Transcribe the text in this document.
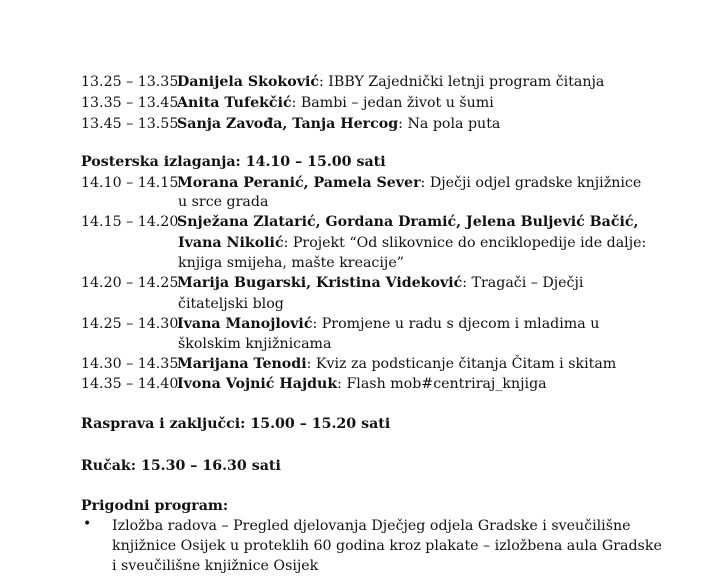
13.25 – 13.35Danijela Skoković: IBBY Zajednički letnji program čitanja
13.35 – 13.45Anita Tufekčić: Bambi – jedan život u šumi
13.45 – 13.55Sanja Zavođa, Tanja Hercog: Na pola puta
Posterska izlaganja: 14.10 – 15.00 sati
14.10 – 14.15Morana Peranić, Pamela Sever: Dječji odjel gradske knjižnice
u srce grada
14.15 – 14.20Snježana Zlatarić, Gordana Dramić, Jelena Buljević Bačić,
Ivana Nikolić: Projekt “Od slikovnice do enciklopedije ide dalje:
knjiga smijeha, mašte kreacije”
14.20 – 14.25Marija Bugarski, Kristina Videković: Tragači – Dječji
čitateljski blog
14.25 – 14.30Ivana Manojlović: Promjene u radu s djecom i mladima u
školskim knjižnicama
14.30 – 14.35Marijana Tenodi: Kviz za podsticanje čitanja Čitam i skitam
14.35 – 14.40Ivona Vojnić Hajduk: Flash mob#centriraj_knjiga
Rasprava i zaključci: 15.00 – 15.20 sati
Ručak: 15.30 – 16.30 sati
Prigodni program:
• Izložba radova – Pregled djelovanja Dječjeg odjela Gradske i sveučilišne
knjižnice Osijek u proteklih 60 godina kroz plakate – izložbena aula Gradske
i sveučilišne knjižnice Osijek
